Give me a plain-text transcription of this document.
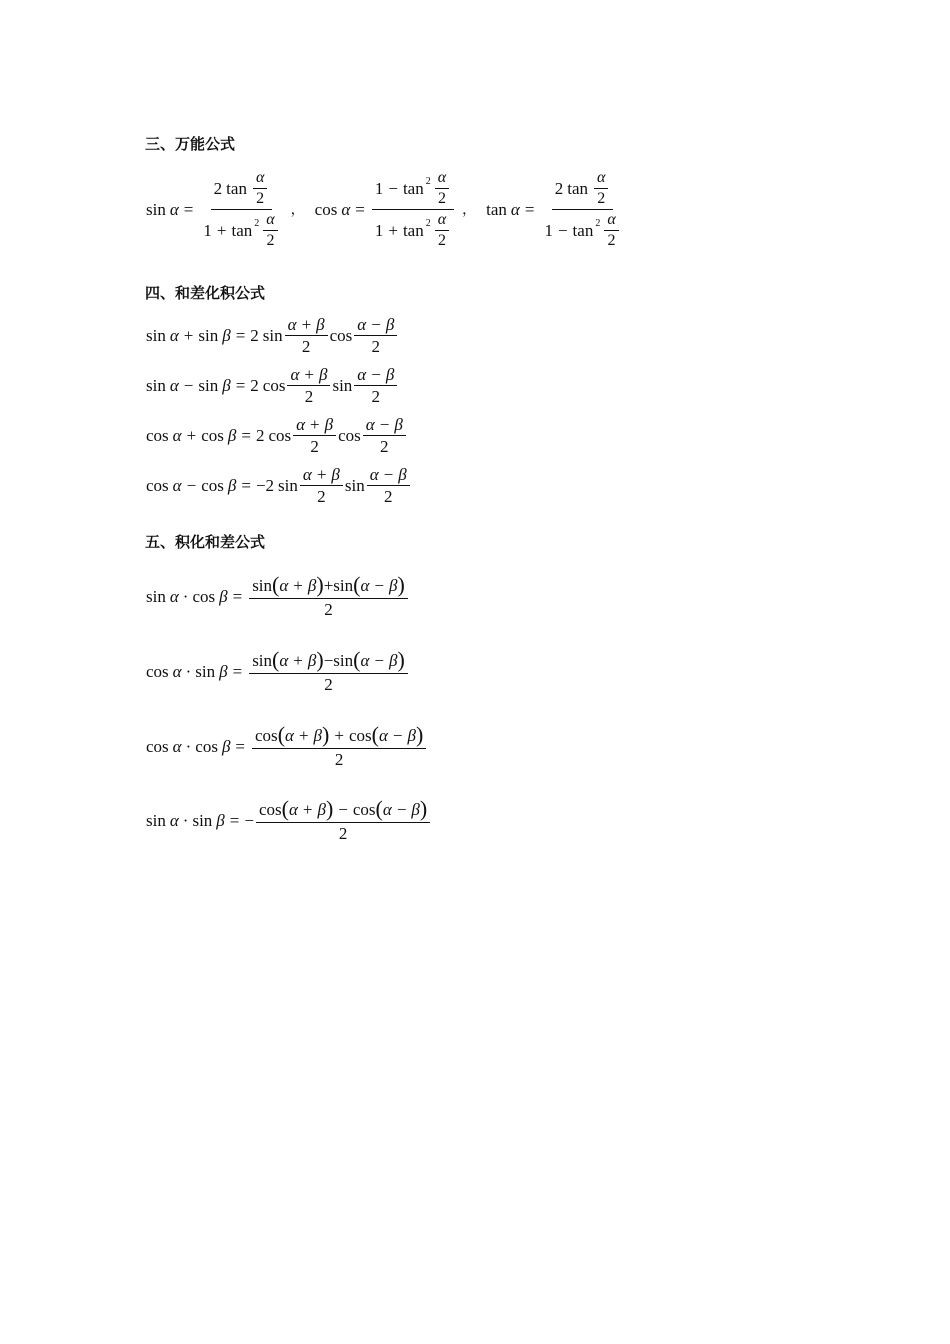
三、万能公式
$\sin \alpha = \frac{2 \tan \frac{\alpha}{2}}{1 + \tan 2 \frac{\alpha}{2}}$ ， $\cos \alpha = \frac{1 - \tan 2 \frac{\alpha}{2}}{1 + \tan 2 \frac{\alpha}{2}}$ ， $\tan \alpha = \frac{2 \tan \frac{\alpha}{2}}{1 - \tan 2 \frac{\alpha}{2}}$
四、和差化积公式
sin α + sin β = 2 $\sin \frac{\alpha + \beta}{2}$ $\cos \frac{\alpha - \beta}{2}$
sin α − sin β = 2 $\cos \frac{\alpha + \beta}{2}$ $\sin \frac{\alpha - \beta}{2}$
cos α + cos β = 2 $\cos \frac{\alpha + \beta}{2}$ $\cos \frac{\alpha - \beta}{2}$
cos α − cos β = −2 $\sin \frac{\alpha + \beta}{2}$ $\sin \frac{\alpha - \beta}{2}$
五、积化和差公式
$\sin \alpha \cdot \cos \beta = \frac{\sin ( \alpha + \beta ) + \sin ( \alpha - \beta )}{2}$
$\cos \alpha \cdot \sin \beta = \frac{\sin ( \alpha + \beta ) - \sin ( \alpha - \beta )}{2}$
$\cos \alpha \cdot \cos \beta = \frac{\cos ( \alpha + \beta ) + \cos ( \alpha - \beta )}{2}$
sin α · sin β = − $\frac{\cos ( \alpha + \beta ) - \cos ( \alpha - \beta )}{2}$
